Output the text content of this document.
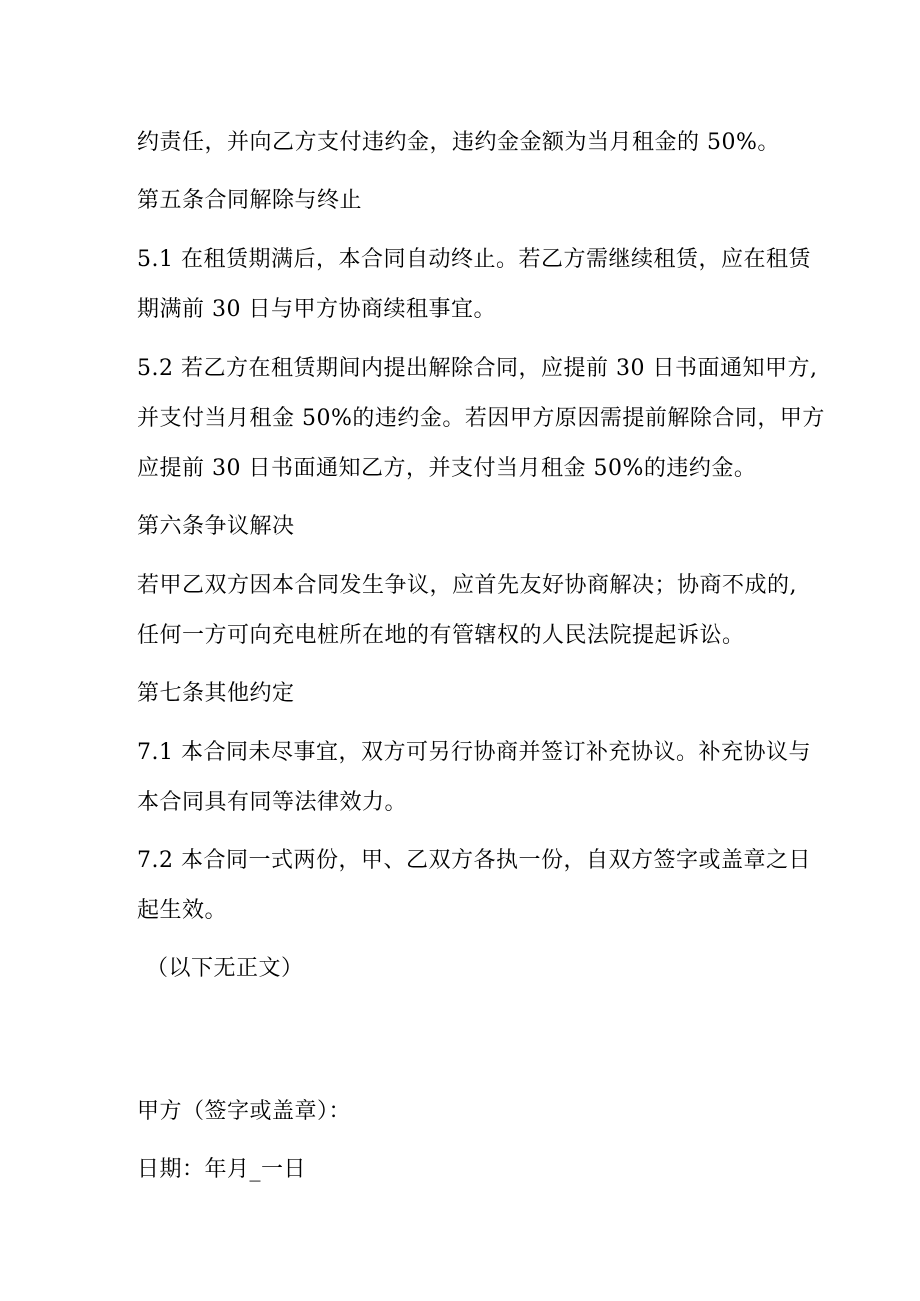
约责任，并向乙方支付违约金，违约金金额为当月租金的 50%。
第五条合同解除与终止
5.1 在租赁期满后，本合同自动终止。若乙方需继续租赁，应在租赁
期满前 30 日与甲方协商续租事宜。
5.2 若乙方在租赁期间内提出解除合同，应提前 30 日书面通知甲方,
并支付当月租金 50%的违约金。若因甲方原因需提前解除合同，甲方
应提前 30 日书面通知乙方，并支付当月租金 50%的违约金。
第六条争议解决
若甲乙双方因本合同发生争议，应首先友好协商解决；协商不成的,
任何一方可向充电桩所在地的有管辖权的人民法院提起诉讼。
第七条其他约定
7.1 本合同未尽事宜，双方可另行协商并签订补充协议。补充协议与
本合同具有同等法律效力。
7.2 本合同一式两份，甲、乙双方各执一份，自双方签字或盖章之日
起生效。
（以下无正文）
甲方（签字或盖章）：
日期：年月_一日
